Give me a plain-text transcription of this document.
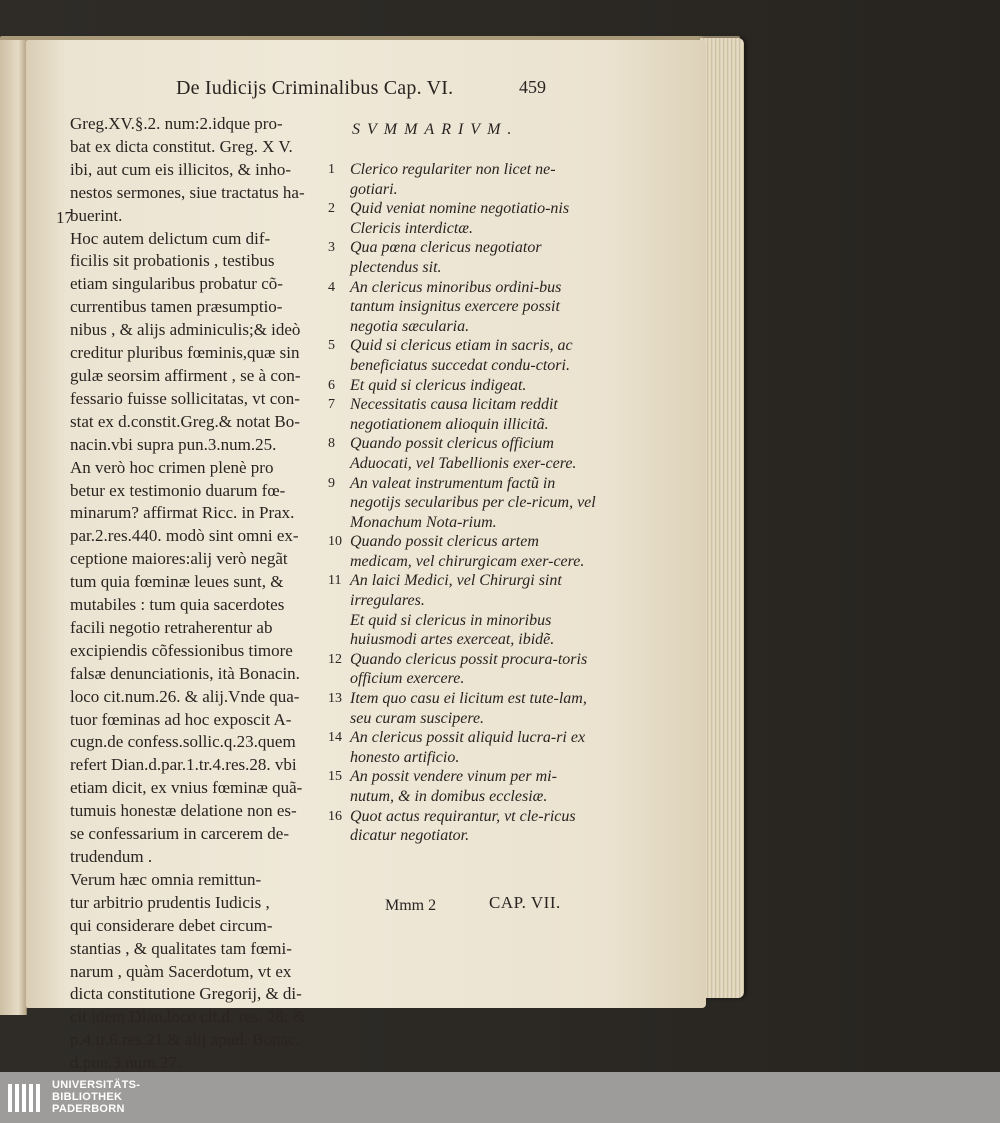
De Iudicijs Criminalibus Cap. VI.	459
17
Greg.XV.§.2. num:2.idque pro-
bat ex dicta constitut. Greg. X V.
ibi, aut cum eis illicitos, & inho-
nestos sermones, siue tractatus ha-
buerint.
Hoc autem delictum cum dif-
ficilis sit probationis , testibus
etiam singularibus probatur cõ-
currentibus tamen præsumptio-
nibus , & alijs adminiculis;& ideò
creditur pluribus fœminis,quæ sin
gulæ seorsim affirment , se à con-
fessario fuisse sollicitatas, vt con-
stat ex d.constit.Greg.& notat Bo-
nacin.vbi supra pun.3.num.25.
An verò hoc crimen plenè pro
betur ex testimonio duarum fœ-
minarum? affirmat Ricc. in Prax.
par.2.res.440. modò sint omni ex-
ceptione maiores:alij verò negãt
tum quia fœminæ leues sunt, &
mutabiles : tum quia sacerdotes
facili negotio retraherentur ab
excipiendis cõfessionibus timore
falsæ denunciationis, ità Bonacin.
loco cit.num.26. & alij.Vnde qua-
tuor fœminas ad hoc exposcit A-
cugn.de confess.sollic.q.23.quem
refert Dian.d.par.1.tr.4.res.28. vbi
etiam dicit, ex vnius fœminæ quã-
tumuis honestæ delatione non es-
se confessarium in carcerem de-
trudendum .
Verum hæc omnia remittun-
tur arbitrio prudentis Iudicis ,
qui considerare debet circum-
stantias , & qualitates tam fœmi-
narum , quàm Sacerdotum, vt ex
dicta constitutione Gregorij, & di-
cit idem Dian.loco cit.d. res. 28: &
p.4.tr.6.res.21.& alij apud. Bonac.
d.pun.3.num.27.
SVMMARIVM.
1 Clerico regulariter non licet ne-gotiari.
2 Quid veniat nomine negotiatio-nis Clericis interdictæ.
3 Qua pœna clericus negotiator plectendus sit.
4 An clericus minoribus ordini-bus tantum insignitus exercere possit negotia sæcularia.
5 Quid si clericus etiam in sacris, ac beneficiatus succedat condu-ctori.
6 Et quid si clericus indigeat.
7 Necessitatis causa licitam reddit negotiationem alioquin illicitã.
8 Quando possit clericus officium Aduocati, vel Tabellionis exer-cere.
9 An valeat instrumentum factũ in negotijs secularibus per cle-ricum, vel Monachum Nota-rium.
10 Quando possit clericus artem medicam, vel chirurgicam exer-cere.
11 An laici Medici, vel Chirurgi sint irregulares.
Et quid si clericus in minoribus huiusmodi artes exerceat, ibidẽ.
12 Quando clericus possit procura-toris officium exercere.
13 Item quo casu ei licitum est tute-lam, seu curam suscipere.
14 An clericus possit aliquid lucra-ri ex honesto artificio.
15 An possit vendere vinum per mi-nutum, & in domibus ecclesiæ.
16 Quot actus requirantur, vt cle-ricus dicatur negotiator.
Mmm 2	CAP. VII.
UNIVERSITÄTS-
BIBLIOTHEK
PADERBORN
